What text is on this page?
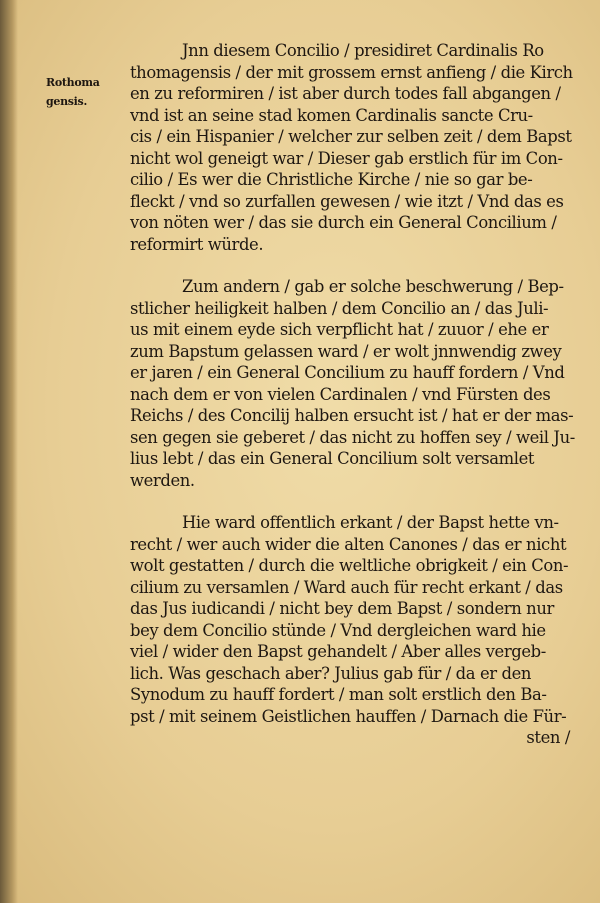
Rothoma
gensis.
Jnn diesem Concilio / presidiret Cardinalis Ro
thomagensis / der mit grossem ernst anfieng / die Kirch
en zu reformiren / ist aber durch todes fall abgangen /
vnd ist an seine stad komen Cardinalis sancte Cru-
cis / ein Hispanier / welcher zur selben zeit / dem Bapst
nicht wol geneigt war / Dieser gab erstlich für im Con-
cilio / Es wer die Christliche Kirche / nie so gar be-
fleckt / vnd so zurfallen gewesen / wie itzt / Vnd das es
von nöten wer / das sie durch ein General Concilium /
reformirt würde.
Zum andern / gab er solche beschwerung / Bep-
stlicher heiligkeit halben / dem Concilio an / das Juli-
us mit einem eyde sich verpflicht hat / zuuor / ehe er
zum Bapstum gelassen ward / er wolt jnnwendig zwey
er jaren / ein General Concilium zu hauff fordern / Vnd
nach dem er von vielen Cardinalen / vnd Fürsten des
Reichs / des Concilij halben ersucht ist / hat er der mas-
sen gegen sie geberet / das nicht zu hoffen sey / weil Ju-
lius lebt / das ein General Concilium solt versamlet
werden.
Hie ward offentlich erkant / der Bapst hette vn-
recht / wer auch wider die alten Canones / das er nicht
wolt gestatten / durch die weltliche obrigkeit / ein Con-
cilium zu versamlen / Ward auch für recht erkant / das
das Jus iudicandi / nicht bey dem Bapst / sondern nur
bey dem Concilio stünde / Vnd dergleichen ward hie
viel / wider den Bapst gehandelt / Aber alles vergeb-
lich. Was geschach aber? Julius gab für / da er den
Synodum zu hauff fordert / man solt erstlich den Ba-
pst / mit seinem Geistlichen hauffen / Darnach die Für-
sten /
